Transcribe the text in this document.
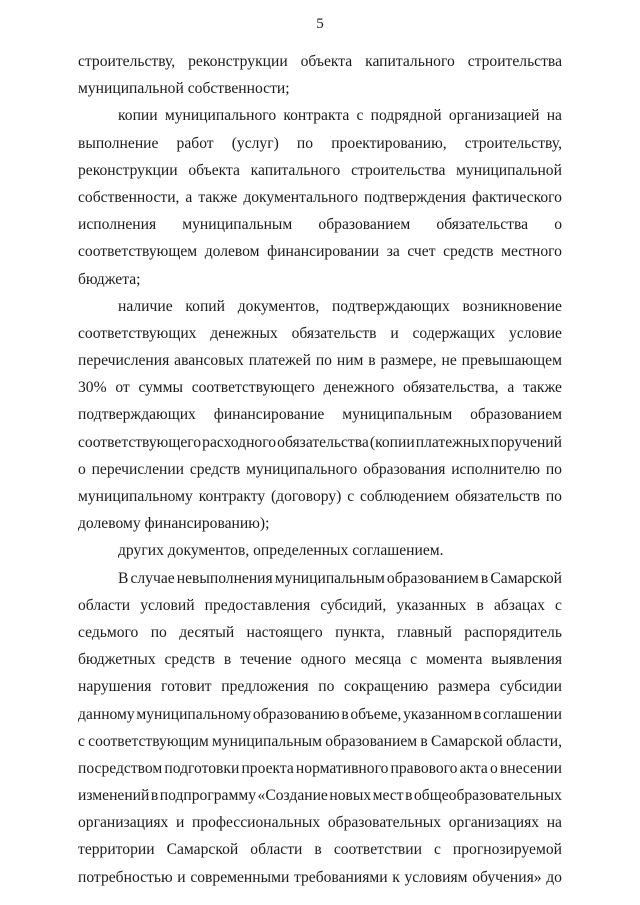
5
строительству, реконструкции объекта капитального строительства
муниципальной собственности;
копии муниципального контракта с подрядной организацией на
выполнение работ (услуг) по проектированию, строительству,
реконструкции объекта капитального строительства муниципальной
собственности, а также документального подтверждения фактического
исполнения муниципальным образованием обязательства о
соответствующем долевом финансировании за счет средств местного
бюджета;
наличие копий документов, подтверждающих возникновение
соответствующих денежных обязательств и содержащих условие
перечисления авансовых платежей по ним в размере, не превышающем
30% от суммы соответствующего денежного обязательства, а также
подтверждающих финансирование муниципальным образованием
соответствующего расходного обязательства (копии платежных поручений
о перечислении средств муниципального образования исполнителю по
муниципальному контракту (договору) с соблюдением обязательств по
долевому финансированию);
других документов, определенных соглашением.
В случае невыполнения муниципальным образованием в Самарской
области условий предоставления субсидий, указанных в абзацах с
седьмого по десятый настоящего пункта, главный распорядитель
бюджетных средств в течение одного месяца с момента выявления
нарушения готовит предложения по сокращению размера субсидии
данному муниципальному образованию в объеме, указанном в соглашении
с соответствующим муниципальным образованием в Самарской области,
посредством подготовки проекта нормативного правового акта о внесении
изменений в подпрограмму «Создание новых мест в общеобразовательных
организациях и профессиональных образовательных организациях на
территории Самарской области в соответствии с прогнозируемой
потребностью и современными требованиями к условиям обучения» до
